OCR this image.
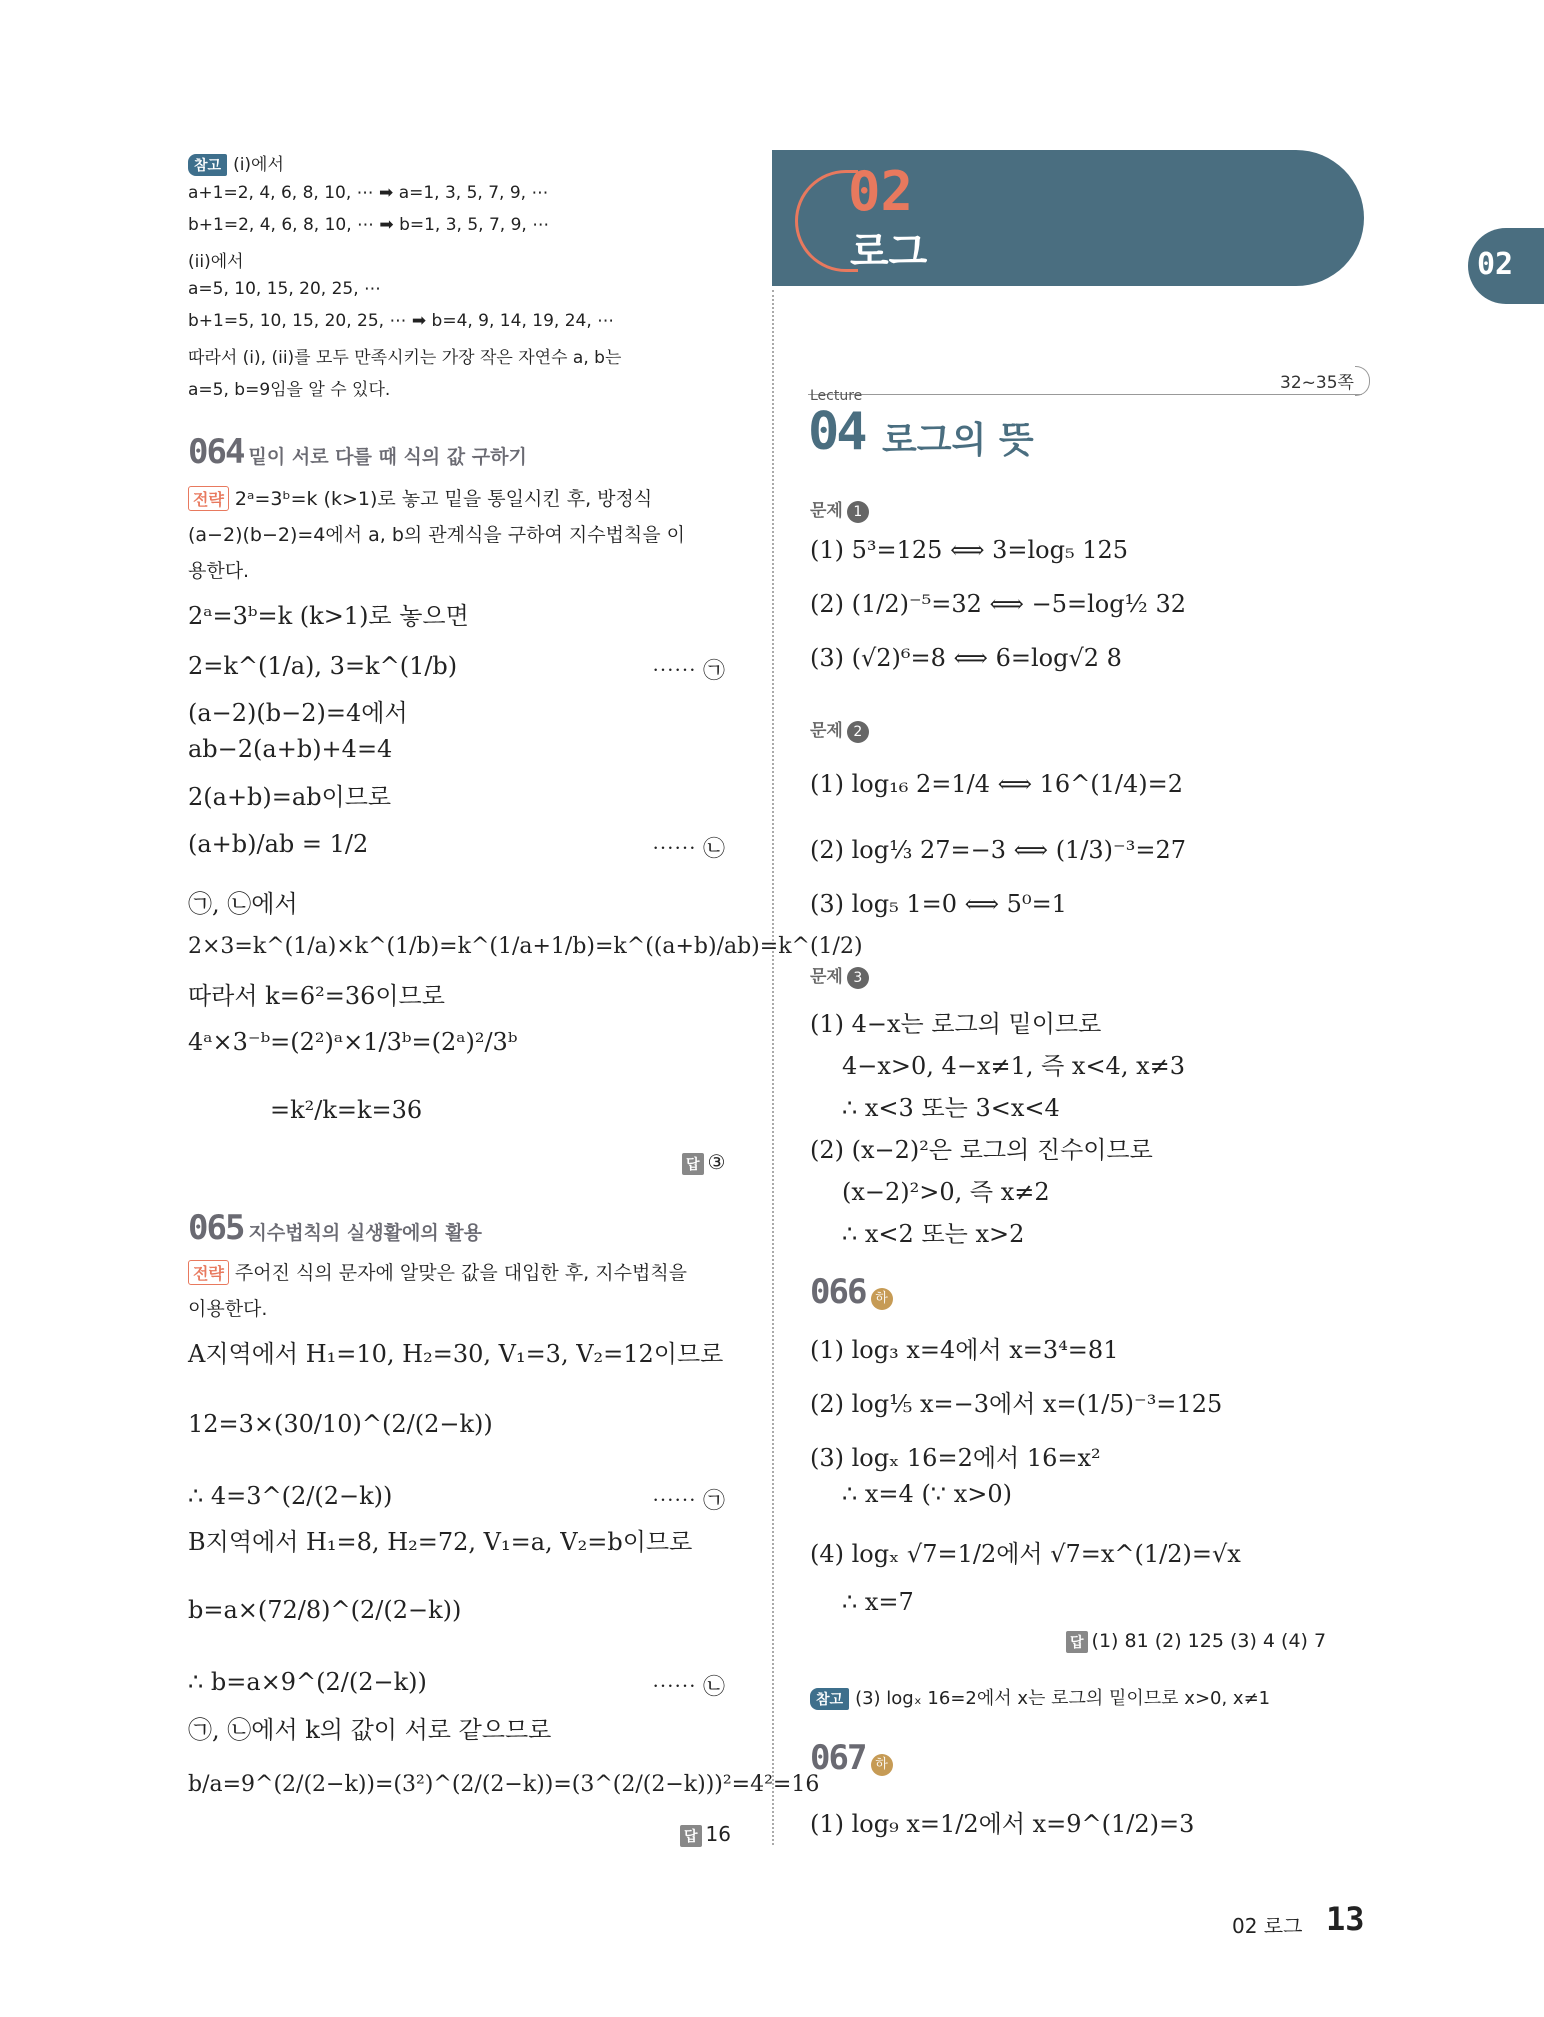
02
로그	02
32~35쪽
Lecture
04 로그의 뜻
참고 (i)에서
a+1=2, 4, 6, 8, 10, ⋯ ➡ a=1, 3, 5, 7, 9, ⋯
b+1=2, 4, 6, 8, 10, ⋯ ➡ b=1, 3, 5, 7, 9, ⋯
(ii)에서
a=5, 10, 15, 20, 25, ⋯
b+1=5, 10, 15, 20, 25, ⋯ ➡ b=4, 9, 14, 19, 24, ⋯
따라서 (i), (ii)를 모두 만족시키는 가장 작은 자연수 a, b는
a=5, b=9임을 알 수 있다.
064 밑이 서로 다를 때 식의 값 구하기
전략 2ᵃ=3ᵇ=k (k>1)로 놓고 밑을 통일시킨 후, 방정식
(a−2)(b−2)=4에서 a, b의 관계식을 구하여 지수법칙을 이
용한다.
2ᵃ=3ᵇ=k (k>1)로 놓으면
2=k^(1/a), 3=k^(1/b)	⋯⋯ ㉠
(a−2)(b−2)=4에서
ab−2(a+b)+4=4
2(a+b)=ab이므로
(a+b)/ab = 1/2	⋯⋯ ㉡
㉠, ㉡에서
2×3=k^(1/a)×k^(1/b)=k^(1/a+1/b)=k^((a+b)/ab)=k^(1/2)
따라서 k=6²=36이므로
4ᵃ×3⁻ᵇ=(2²)ᵃ×1/3ᵇ=(2ᵃ)²/3ᵇ
=k²/k=k=36
답 ③
065 지수법칙의 실생활에의 활용
전략 주어진 식의 문자에 알맞은 값을 대입한 후, 지수법칙을
이용한다.
A지역에서 H₁=10, H₂=30, V₁=3, V₂=12이므로
12=3×(30/10)^(2/(2−k))
∴ 4=3^(2/(2−k))	⋯⋯ ㉠
B지역에서 H₁=8, H₂=72, V₁=a, V₂=b이므로
b=a×(72/8)^(2/(2−k))
∴ b=a×9^(2/(2−k))	⋯⋯ ㉡
㉠, ㉡에서 k의 값이 서로 같으므로
b/a=9^(2/(2−k))=(3²)^(2/(2−k))=(3^(2/(2−k)))²=4²=16
답 16
문제 1
(1) 5³=125 ⟺ 3=log₅ 125
(2) (1/2)⁻⁵=32 ⟺ −5=log½ 32
(3) (√2)⁶=8 ⟺ 6=log√2 8
문제 2
(1) log₁₆ 2=1/4 ⟺ 16^(1/4)=2
(2) log⅓ 27=−3 ⟺ (1/3)⁻³=27
(3) log₅ 1=0 ⟺ 5⁰=1
문제 3
(1) 4−x는 로그의 밑이므로
4−x>0, 4−x≠1, 즉 x<4, x≠3
∴ x<3 또는 3<x<4
(2) (x−2)²은 로그의 진수이므로
(x−2)²>0, 즉 x≠2
∴ x<2 또는 x>2
066 하
(1) log₃ x=4에서 x=3⁴=81
(2) log⅕ x=−3에서 x=(1/5)⁻³=125
(3) logₓ 16=2에서 16=x²
∴ x=4 (∵ x>0)
(4) logₓ √7=1/2에서 √7=x^(1/2)=√x
∴ x=7
답 (1) 81 (2) 125 (3) 4 (4) 7
참고 (3) logₓ 16=2에서 x는 로그의 밑이므로 x>0, x≠1
067 하
(1) log₉ x=1/2에서 x=9^(1/2)=3
02 로그 13
